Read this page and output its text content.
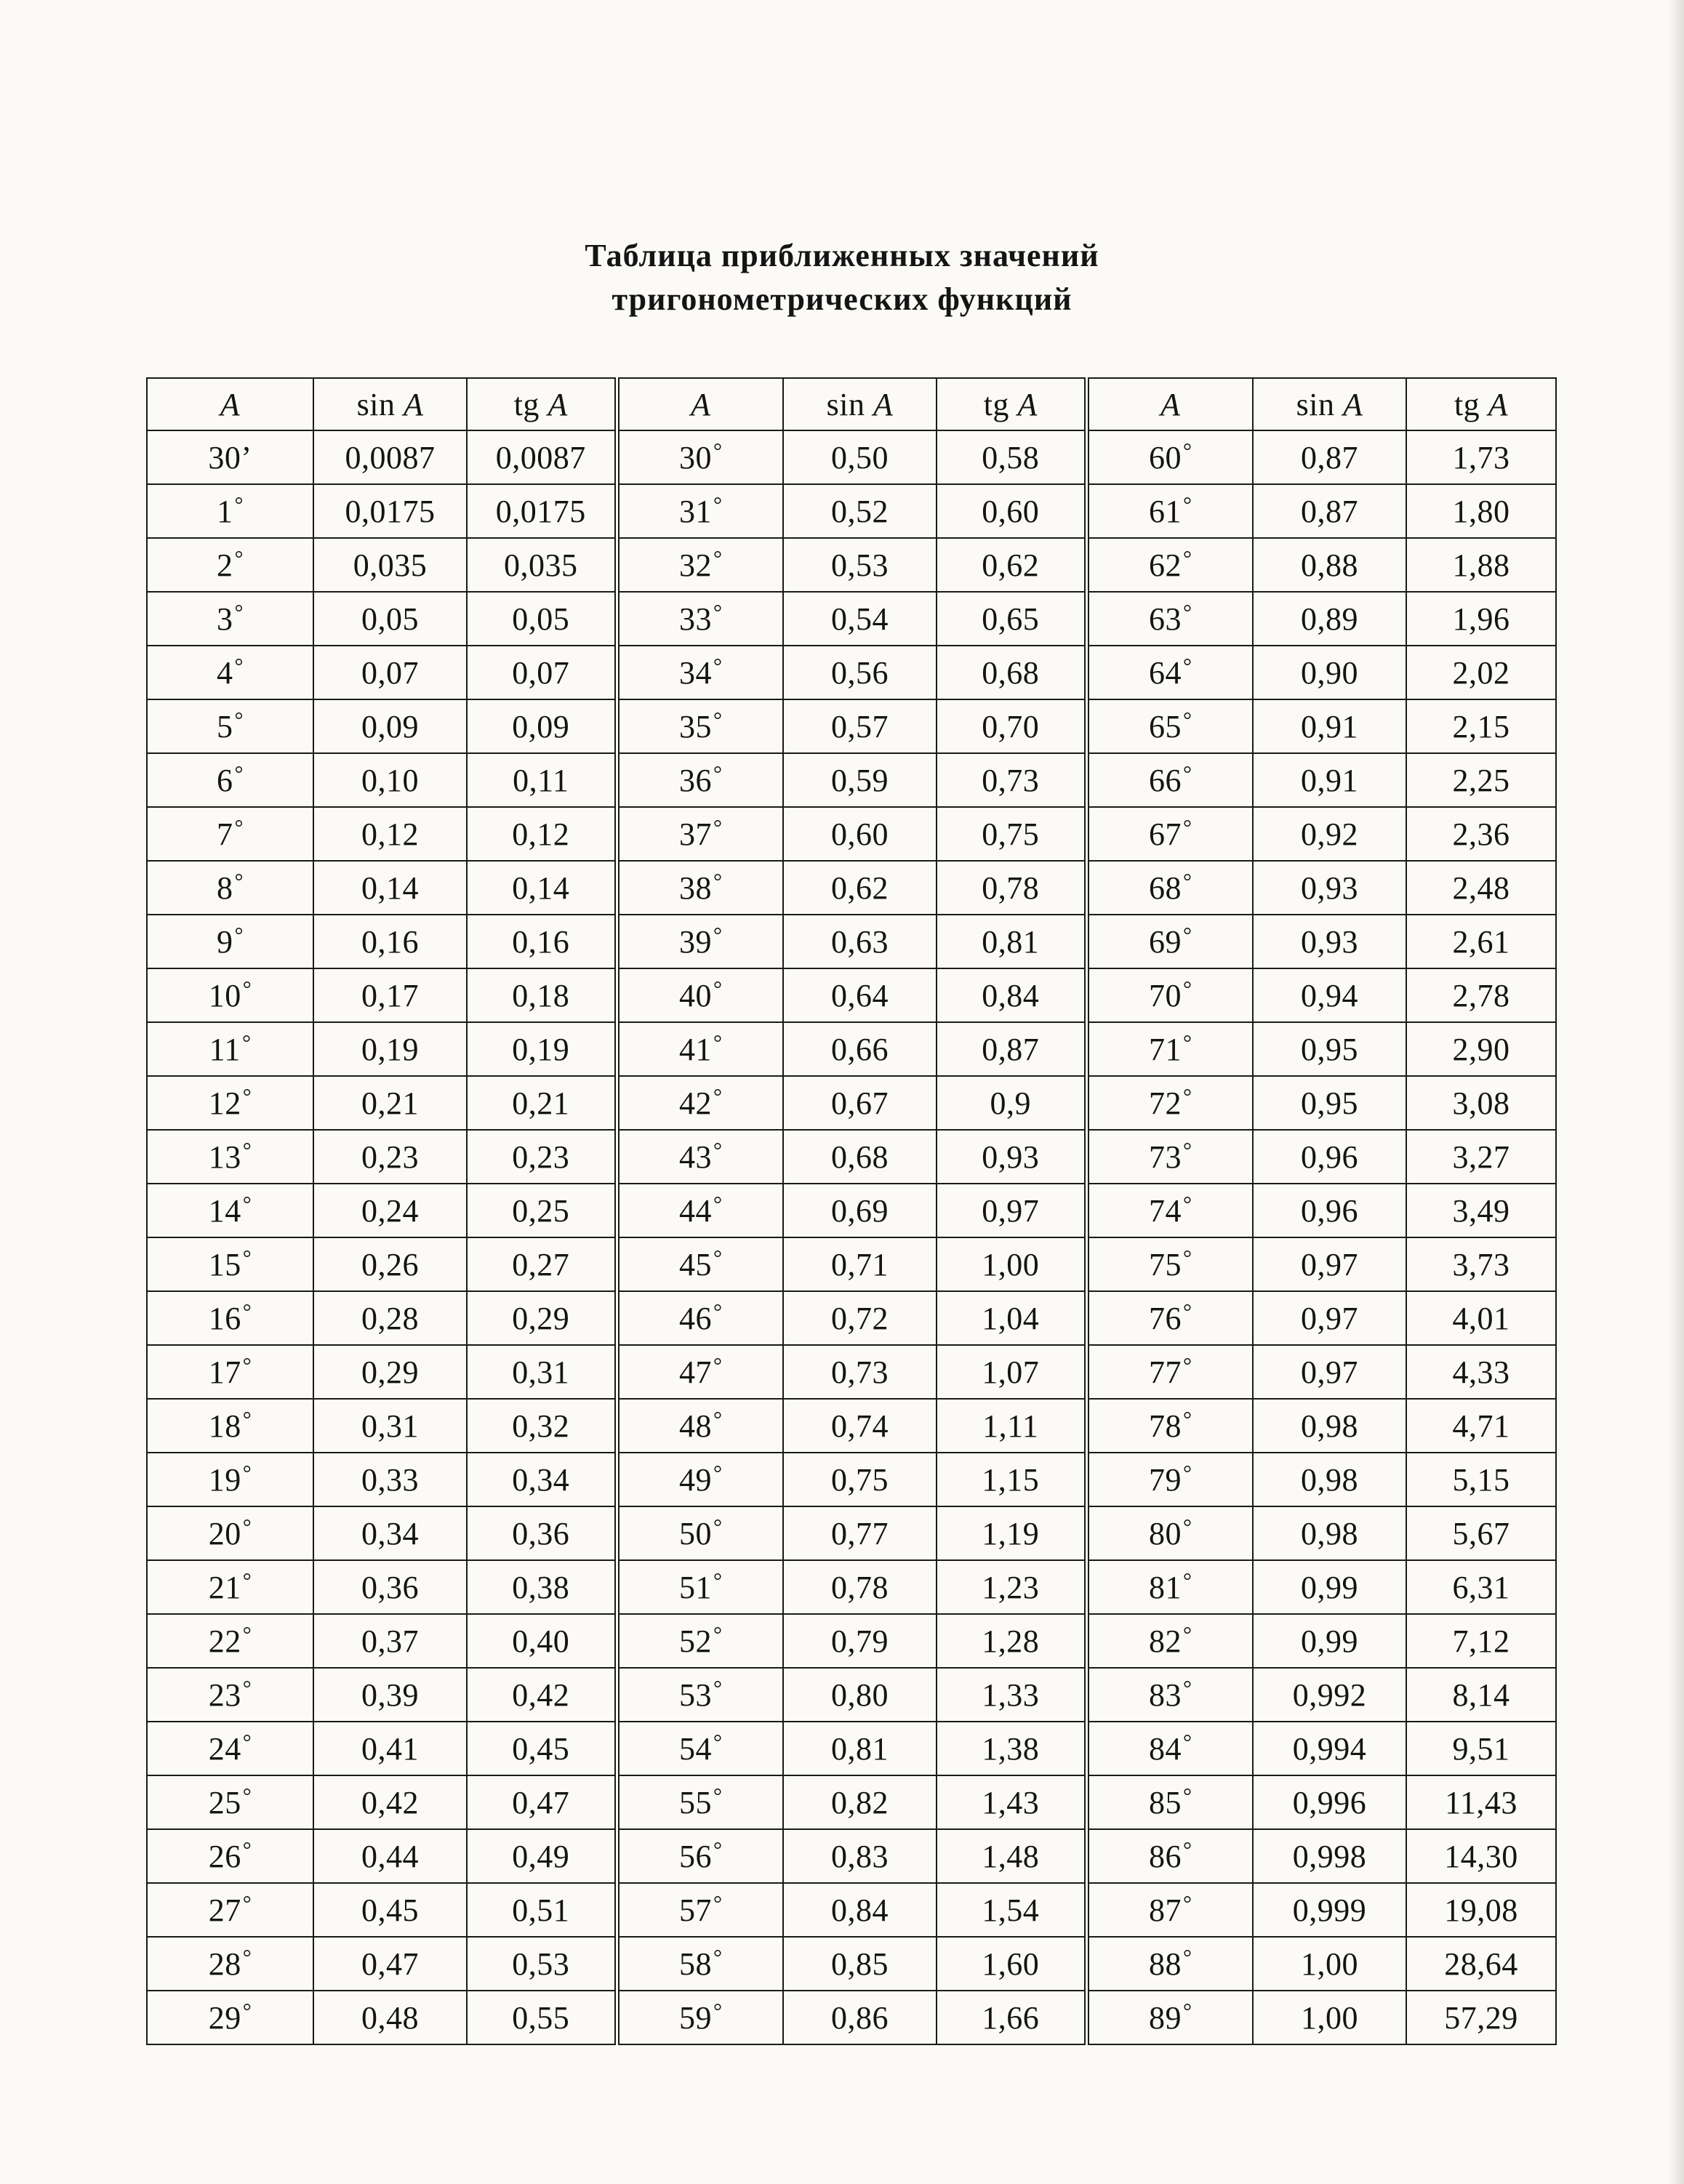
Таблица приближенных значений
тригонометрических функций
A	sin A	tg A	A	sin A	tg A	A	sin A	tg A
30’	0,0087	0,0087	30°	0,50	0,58	60°	0,87	1,73
1°	0,0175	0,0175	31°	0,52	0,60	61°	0,87	1,80
2°	0,035	0,035	32°	0,53	0,62	62°	0,88	1,88
3°	0,05	0,05	33°	0,54	0,65	63°	0,89	1,96
4°	0,07	0,07	34°	0,56	0,68	64°	0,90	2,02
5°	0,09	0,09	35°	0,57	0,70	65°	0,91	2,15
6°	0,10	0,11	36°	0,59	0,73	66°	0,91	2,25
7°	0,12	0,12	37°	0,60	0,75	67°	0,92	2,36
8°	0,14	0,14	38°	0,62	0,78	68°	0,93	2,48
9°	0,16	0,16	39°	0,63	0,81	69°	0,93	2,61
10°	0,17	0,18	40°	0,64	0,84	70°	0,94	2,78
11°	0,19	0,19	41°	0,66	0,87	71°	0,95	2,90
12°	0,21	0,21	42°	0,67	0,9	72°	0,95	3,08
13°	0,23	0,23	43°	0,68	0,93	73°	0,96	3,27
14°	0,24	0,25	44°	0,69	0,97	74°	0,96	3,49
15°	0,26	0,27	45°	0,71	1,00	75°	0,97	3,73
16°	0,28	0,29	46°	0,72	1,04	76°	0,97	4,01
17°	0,29	0,31	47°	0,73	1,07	77°	0,97	4,33
18°	0,31	0,32	48°	0,74	1,11	78°	0,98	4,71
19°	0,33	0,34	49°	0,75	1,15	79°	0,98	5,15
20°	0,34	0,36	50°	0,77	1,19	80°	0,98	5,67
21°	0,36	0,38	51°	0,78	1,23	81°	0,99	6,31
22°	0,37	0,40	52°	0,79	1,28	82°	0,99	7,12
23°	0,39	0,42	53°	0,80	1,33	83°	0,992	8,14
24°	0,41	0,45	54°	0,81	1,38	84°	0,994	9,51
25°	0,42	0,47	55°	0,82	1,43	85°	0,996	11,43
26°	0,44	0,49	56°	0,83	1,48	86°	0,998	14,30
27°	0,45	0,51	57°	0,84	1,54	87°	0,999	19,08
28°	0,47	0,53	58°	0,85	1,60	88°	1,00	28,64
29°	0,48	0,55	59°	0,86	1,66	89°	1,00	57,29
